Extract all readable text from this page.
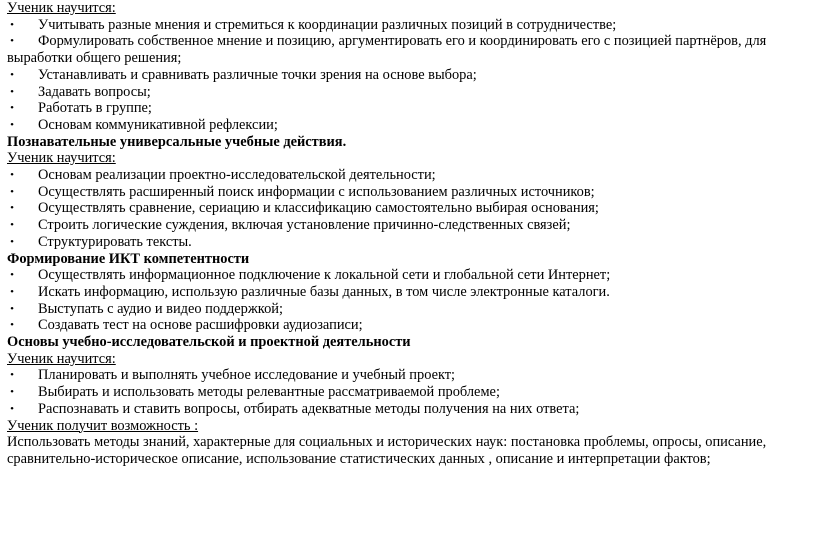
Ученик научится:

• Учитывать разные мнения и стремиться к координации различных позиций в сотрудничестве;
• Формулировать собственное мнение и позицию, аргументировать его и координировать его с позицией партнёров, для выработки общего решения;
• Устанавливать и сравнивать различные точки зрения на основе выбора;
• Задавать вопросы;
• Работать в группе;
• Основам коммуникативной рефлексии;

Познавательные универсальные учебные действия.

Ученик научится:

• Основам реализации проектно-исследовательской деятельности;
• Осуществлять расширенный поиск информации с использованием различных источников;
• Осуществлять сравнение, сериацию и классификацию самостоятельно выбирая основания;
• Строить логические суждения, включая установление причинно-следственных связей;
• Структурировать тексты.

Формирование ИКТ компетентности

• Осуществлять информационное подключение к локальной сети и глобальной сети Интернет;
• Искать информацию, использую различные базы данных, в том числе электронные каталоги.
• Выступать с аудио и видео поддержкой;
• Создавать тест на основе расшифровки аудиозаписи;

Основы учебно-исследовательской и проектной деятельности

Ученик научится:

• Планировать и выполнять учебное исследование и учебный проект;
• Выбирать и использовать методы релевантные рассматриваемой проблеме;
• Распознавать и ставить вопросы, отбирать адекватные методы получения на них ответа;

Ученик получит возможность :

Использовать методы знаний, характерные для социальных и исторических наук: постановка проблемы, опросы, описание, сравнительно-историческое описание, использование статистических данных , описание и интерпретации фактов;
